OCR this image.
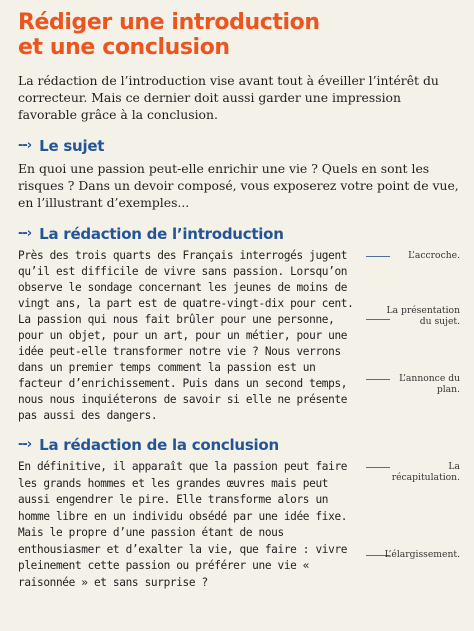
Rédiger une introduction
et une conclusion

La rédaction de l’introduction vise avant tout à éveiller l’intérêt du correcteur. Mais ce dernier doit aussi garder une impression favorable grâce à la conclusion.

--› Le sujet

En quoi une passion peut-elle enrichir une vie ? Quels en sont les risques ? Dans un devoir composé, vous exposerez votre point de vue, en l’illustrant d’exemples...

--› La rédaction de l’introduction

Près des trois quarts des Français interrogés jugent qu’il est difficile de vivre sans passion. Lorsqu’on observe le sondage concernant les jeunes de moins de vingt ans, la part est de quatre-vingt-dix pour cent. La passion qui nous fait brûler pour une personne, pour un objet, pour un art, pour un métier, pour une idée peut-elle transformer notre vie ? Nous verrons dans un premier temps comment la passion est un facteur d’enrichissement. Puis dans un second temps, nous nous inquiéterons de savoir si elle ne présente pas aussi des dangers.

L’accroche.
La présentation du sujet.
L’annonce du plan.
--› La rédaction de la conclusion

En définitive, il apparaît que la passion peut faire les grands hommes et les grandes œuvres mais peut aussi engendrer le pire. Elle transforme alors un homme libre en un individu obsédé par une idée fixe. Mais le propre d’une passion étant de nous enthousiasmer et d’exalter la vie, que faire : vivre pleinement cette passion ou préférer une vie « raisonnée » et sans surprise ?

La récapitulation.
L’élargissement.
